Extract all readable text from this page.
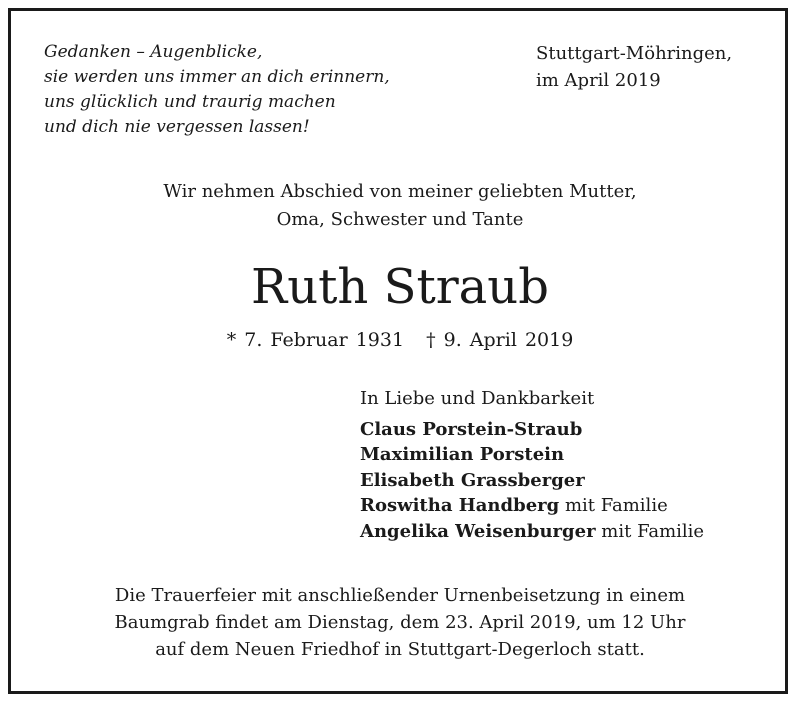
Gedanken – Augenblicke,
sie werden uns immer an dich erinnern,
uns glücklich und traurig machen
und dich nie vergessen lassen!
Stuttgart-Möhringen,
im April 2019
Wir nehmen Abschied von meiner geliebten Mutter,
Oma, Schwester und Tante
Ruth Straub
* 7. Februar 1931 † 9. April 2019
In Liebe und Dankbarkeit
Claus Porstein-Straub
Maximilian Porstein
Elisabeth Grassberger
Roswitha Handberg mit Familie
Angelika Weisenburger mit Familie
Die Trauerfeier mit anschließender Urnenbeisetzung in einem
Baumgrab findet am Dienstag, dem 23. April 2019, um 12 Uhr
auf dem Neuen Friedhof in Stuttgart-Degerloch statt.
